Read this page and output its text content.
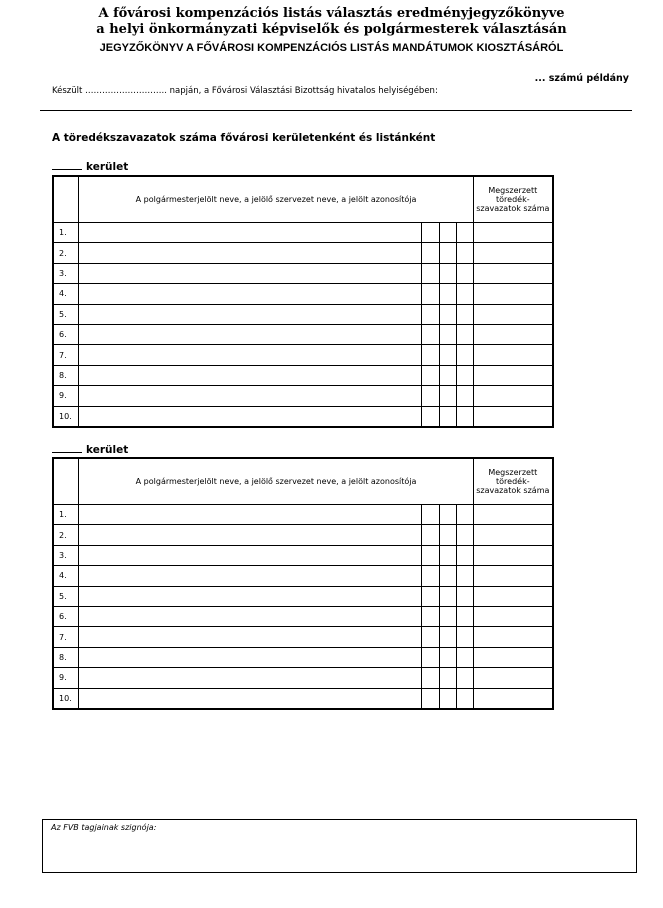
A fővárosi kompenzációs listás választás eredményjegyzőkönyve
a helyi önkormányzati képviselők és polgármesterek választásán
JEGYZŐKÖNYV A FŐVÁROSI KOMPENZÁCIÓS LISTÁS MANDÁTUMOK KIOSZTÁSÁRÓL
... számú példány
Készült ……………………….. napján, a Fővárosi Választási Bizottság hivatalos helyiségében:
A töredékszavazatok száma fővárosi kerületenként és listánként
kerület
	A polgármesterjelölt neve, a jelölő szervezet neve, a jelölt azonosítója				Megszerzett töredék-szavazatok száma
1.					
2.					
3.					
4.					
5.					
6.					
7.					
8.					
9.					
10.					
kerület
	A polgármesterjelölt neve, a jelölő szervezet neve, a jelölt azonosítója				Megszerzett töredék-szavazatok száma
1.					
2.					
3.					
4.					
5.					
6.					
7.					
8.					
9.					
10.					
Az FVB tagjainak szignója:
